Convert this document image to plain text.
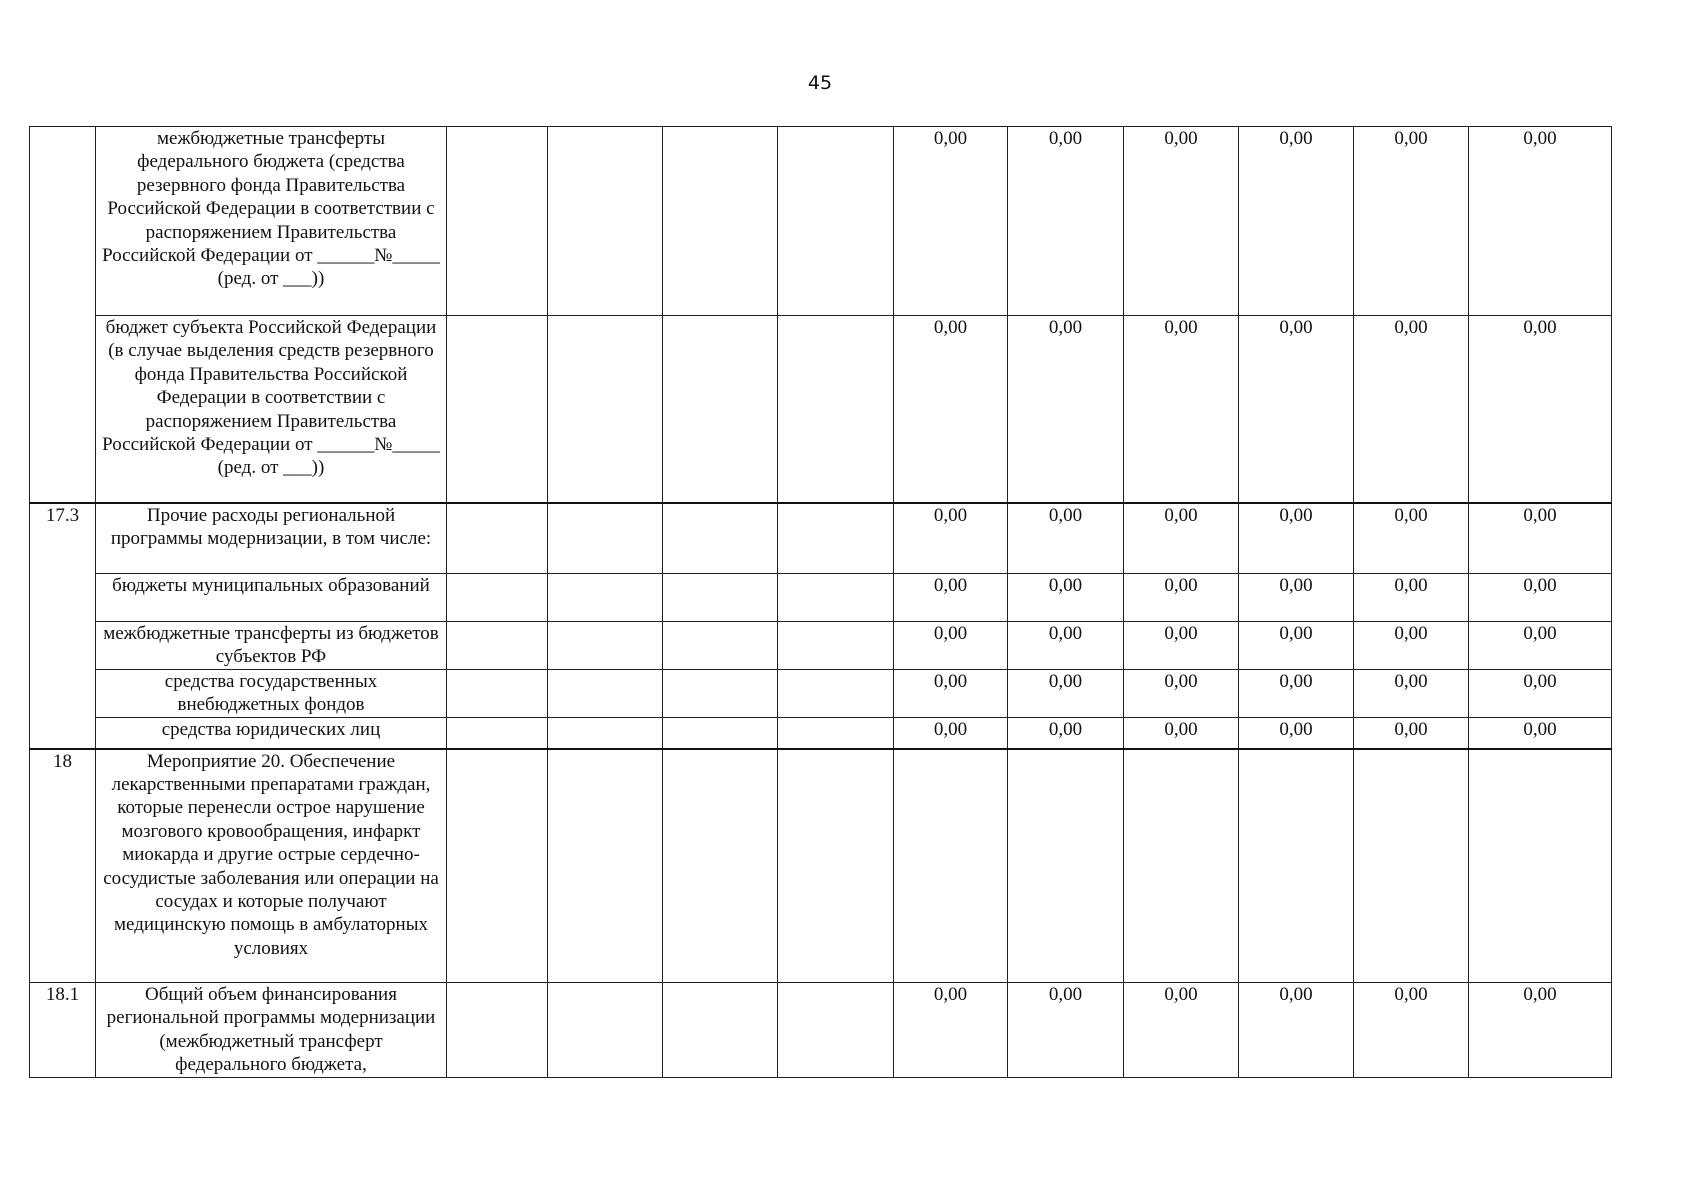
45
	межбюджетные трансферты федерального бюджета (средства резервного фонда Правительства Российской Федерации в соответствии с распоряжением Правительства Российской Федерации от ______№_____ (ред. от ___))					0,00	0,00	0,00	0,00	0,00	0,00
	бюджет субъекта Российской Федерации (в случае выделения средств резервного фонда Правительства Российской Федерации в соответствии с распоряжением Правительства Российской Федерации от ______№_____ (ред. от ___))					0,00	0,00	0,00	0,00	0,00	0,00
17.3	Прочие расходы региональной программы модернизации, в том числе:					0,00	0,00	0,00	0,00	0,00	0,00
	бюджеты муниципальных образований					0,00	0,00	0,00	0,00	0,00	0,00
	межбюджетные трансферты из бюджетов субъектов РФ					0,00	0,00	0,00	0,00	0,00	0,00
	средства государственных внебюджетных фондов					0,00	0,00	0,00	0,00	0,00	0,00
	средства юридических лиц					0,00	0,00	0,00	0,00	0,00	0,00
18	Мероприятие 20. Обеспечение лекарственными препаратами граждан, которые перенесли острое нарушение мозгового кровообращения, инфаркт миокарда и другие острые сердечно-сосудистые заболевания или операции на сосудах и которые получают медицинскую помощь в амбулаторных условиях										
18.1	Общий объем финансирования региональной программы модернизации (межбюджетный трансферт федерального бюджета,					0,00	0,00	0,00	0,00	0,00	0,00
